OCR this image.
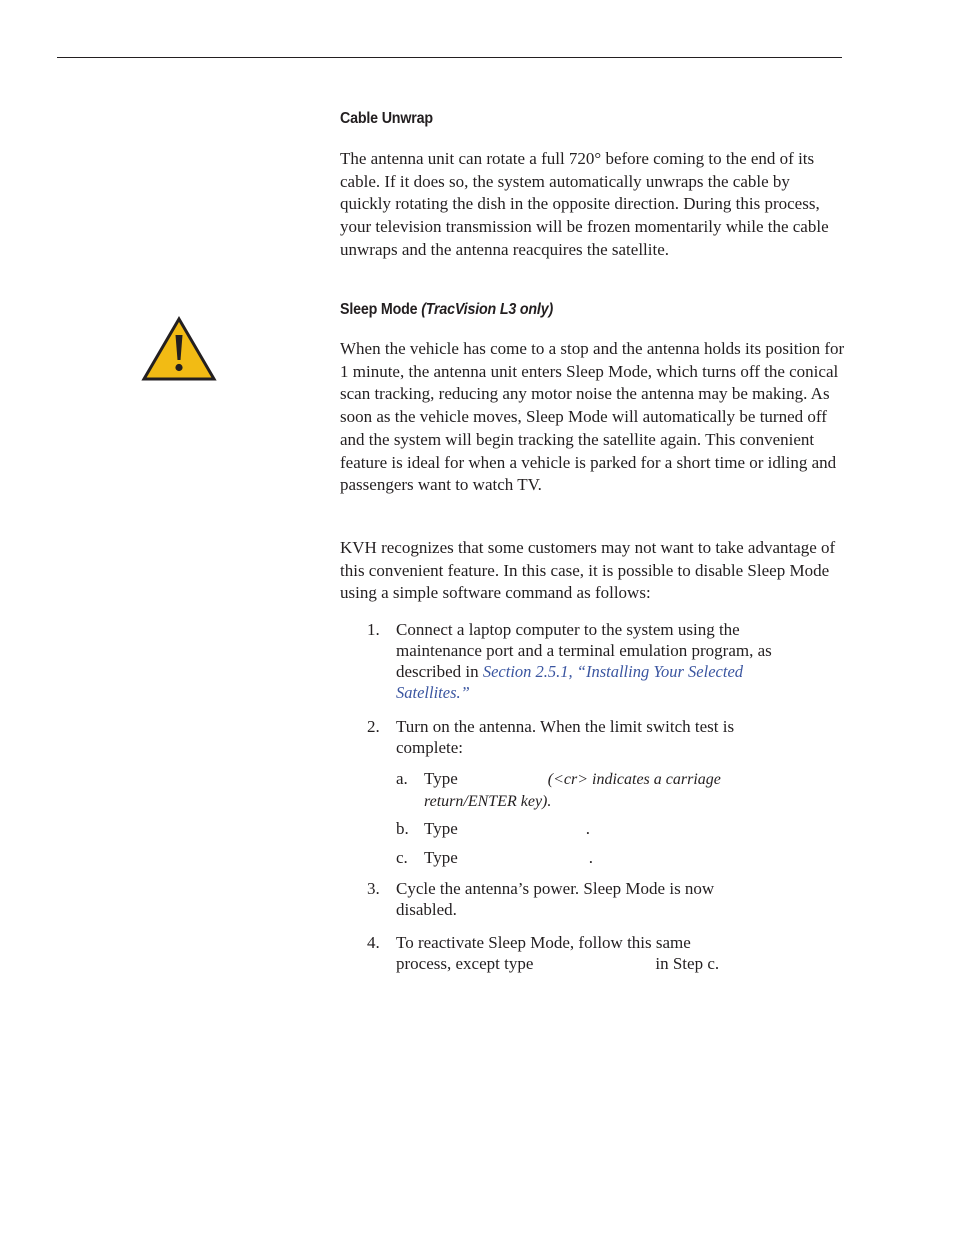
Cable Unwrap
The antenna unit can rotate a full 720° before coming to the end of its cable. If it does so, the system automatically unwraps the cable by quickly rotating the dish in the opposite direction. During this process, your television transmission will be frozen momentarily while the cable unwraps and the antenna reacquires the satellite.
Sleep Mode (TracVision L3 only)
When the vehicle has come to a stop and the antenna holds its position for 1 minute, the antenna unit enters Sleep Mode, which turns off the conical scan tracking, reducing any motor noise the antenna may be making. As soon as the vehicle moves, Sleep Mode will automatically be turned off and the system will begin tracking the satellite again. This convenient feature is ideal for when a vehicle is parked for a short time or idling and passengers want to watch TV.
KVH recognizes that some customers may not want to take advantage of this convenient feature. In this case, it is possible to disable Sleep Mode using a simple software command as follows:
1. Connect a laptop computer to the system using the maintenance port and a terminal emulation program, as described in Section 2.5.1, “Installing Your Selected Satellites.”
2. Turn on the antenna. When the limit switch test is complete:
a. Type	(<cr> indicates a carriage return/ENTER key).
b. Type	.
c. Type	.
3. Cycle the antenna’s power. Sleep Mode is now disabled.
4. To reactivate Sleep Mode, follow this same process, except type	in Step c.
